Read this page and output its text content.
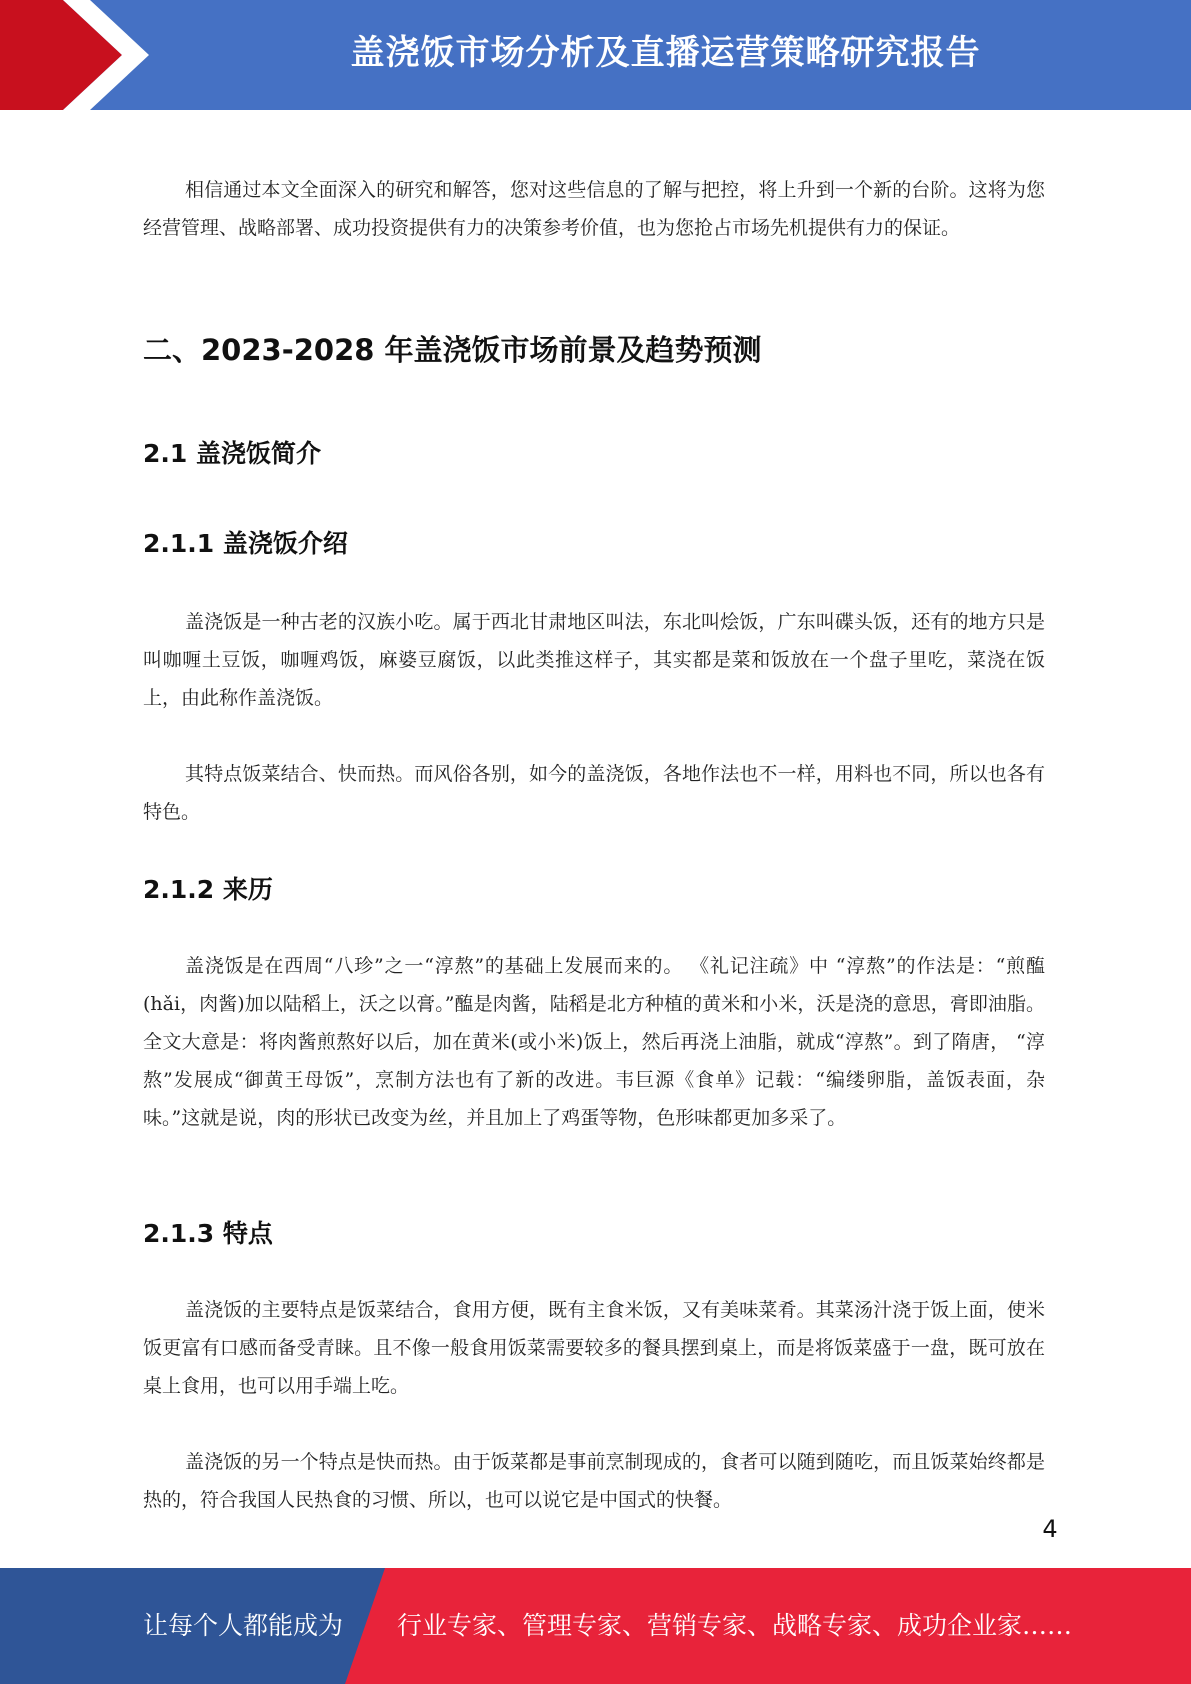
盖浇饭市场分析及直播运营策略研究报告

相信通过本文全面深入的研究和解答，您对这些信息的了解与把控，将上升到一个新的台阶。这将为您经营管理、战略部署、成功投资提供有力的决策参考价值，也为您抢占市场先机提供有力的保证。

二、2023-2028 年盖浇饭市场前景及趋势预测
2.1 盖浇饭简介
2.1.1 盖浇饭介绍

盖浇饭是一种古老的汉族小吃。属于西北甘肃地区叫法，东北叫烩饭，广东叫碟头饭，还有的地方只是叫咖喱土豆饭，咖喱鸡饭，麻婆豆腐饭，以此类推这样子，其实都是菜和饭放在一个盘子里吃，菜浇在饭上，由此称作盖浇饭。

其特点饭菜结合、快而热。而风俗各别，如今的盖浇饭，各地作法也不一样，用料也不同，所以也各有特色。

2.1.2 来历

盖浇饭是在西周“八珍”之一“淳熬”的基础上发展而来的。 《礼记注疏》中 “淳熬”的作法是：“煎醢(hǎi，肉酱)加以陆稻上，沃之以膏。”醢是肉酱，陆稻是北方种植的黄米和小米，沃是浇的意思，膏即油脂。全文大意是：将肉酱煎熬好以后，加在黄米(或小米)饭上，然后再浇上油脂，就成“淳熬”。到了隋唐， “淳熬”发展成“御黄王母饭”，烹制方法也有了新的改进。韦巨源《食单》记载：“编缕卵脂，盖饭表面，杂味。”这就是说，肉的形状已改变为丝，并且加上了鸡蛋等物，色形味都更加多采了。

2.1.3 特点

盖浇饭的主要特点是饭菜结合，食用方便，既有主食米饭，又有美味菜肴。其菜汤汁浇于饭上面，使米饭更富有口感而备受青睐。且不像一般食用饭菜需要较多的餐具摆到桌上，而是将饭菜盛于一盘，既可放在桌上食用，也可以用手端上吃。

盖浇饭的另一个特点是快而热。由于饭菜都是事前烹制现成的，食者可以随到随吃，而且饭菜始终都是热的，符合我国人民热食的习惯、所以，也可以说它是中国式的快餐。

4
让每个人都能成为 行业专家、管理专家、营销专家、战略专家、成功企业家……
